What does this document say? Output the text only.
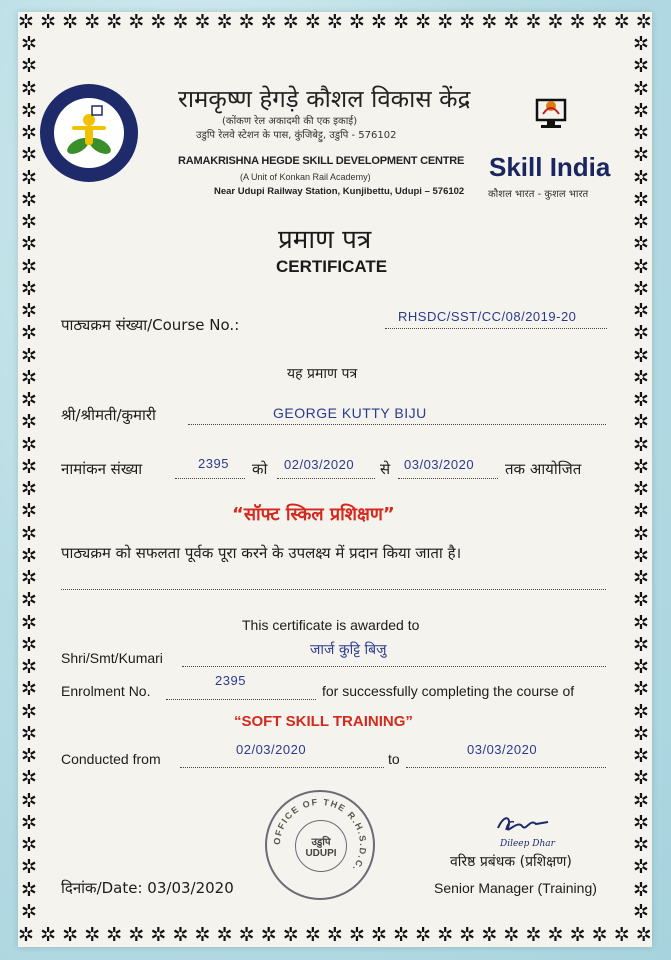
✲ ✲ ✲ ✲ ✲ ✲ ✲ ✲ ✲ ✲ ✲ ✲ ✲ ✲ ✲ ✲ ✲ ✲ ✲ ✲ ✲ ✲ ✲ ✲ ✲ ✲ ✲ ✲ ✲
✲ ✲ ✲ ✲ ✲ ✲ ✲ ✲ ✲ ✲ ✲ ✲ ✲ ✲ ✲ ✲ ✲ ✲ ✲ ✲ ✲ ✲ ✲ ✲ ✲ ✲ ✲ ✲ ✲
✲
✲
✲
✲
✲
✲
✲
✲
✲
✲
✲
✲
✲
✲
✲
✲
✲
✲
✲
✲
✲
✲
✲
✲
✲
✲
✲
✲
✲
✲
✲
✲
✲
✲
✲
✲
✲
✲
✲
✲
✲
✲
✲
✲
✲
✲
✲
✲
✲
✲
✲
✲
✲
✲
✲
✲
✲
✲
✲
✲
✲
✲
✲
✲
✲
✲
✲
✲
✲
✲
✲
✲
✲
✲
✲
✲
✲
✲
✲
✲
रामकृष्ण हेगड़े कौशल विकास केंद्र
(कोंकण रेल अकादमी की एक इकाई)
उडुपि रेलवे स्टेशन के पास, कुंजिबेट्टु, उडुपि - 576102
RAMAKRISHNA HEGDE SKILL DEVELOPMENT CENTRE
(A Unit of Konkan Rail Academy)
Near Udupi Railway Station, Kunjibettu, Udupi – 576102
Skill India
कौशल भारत - कुशल भारत
प्रमाण पत्र
CERTIFICATE
पाठ्यक्रम संख्या/Course No.:	RHSDC/SST/CC/08/2019-20
यह प्रमाण पत्र
श्री/श्रीमती/कुमारी	GEORGE KUTTY BIJU
नामांकन संख्या	2395 को 02/03/2020 से 03/03/2020 तक आयोजित
“सॉफ्ट स्किल प्रशिक्षण”
पाठ्यक्रम को सफलता पूर्वक पूरा करने के उपलक्ष्य में प्रदान किया जाता है।
This certificate is awarded to
Shri/Smt/Kumari	जार्ज कुट्टि बिजु
Enrolment No.
2395
for successfully completing the course of
“SOFT SKILL TRAINING”
Conducted from
02/03/2020
to
03/03/2020
OFFICE OF THE R.H.S.D.C.
उडुपि
UDUPI
Dileep Dhar
वरिष्ठ प्रबंधक (प्रशिक्षण)
Senior Manager (Training)
दिनांक/Date: 03/03/2020
